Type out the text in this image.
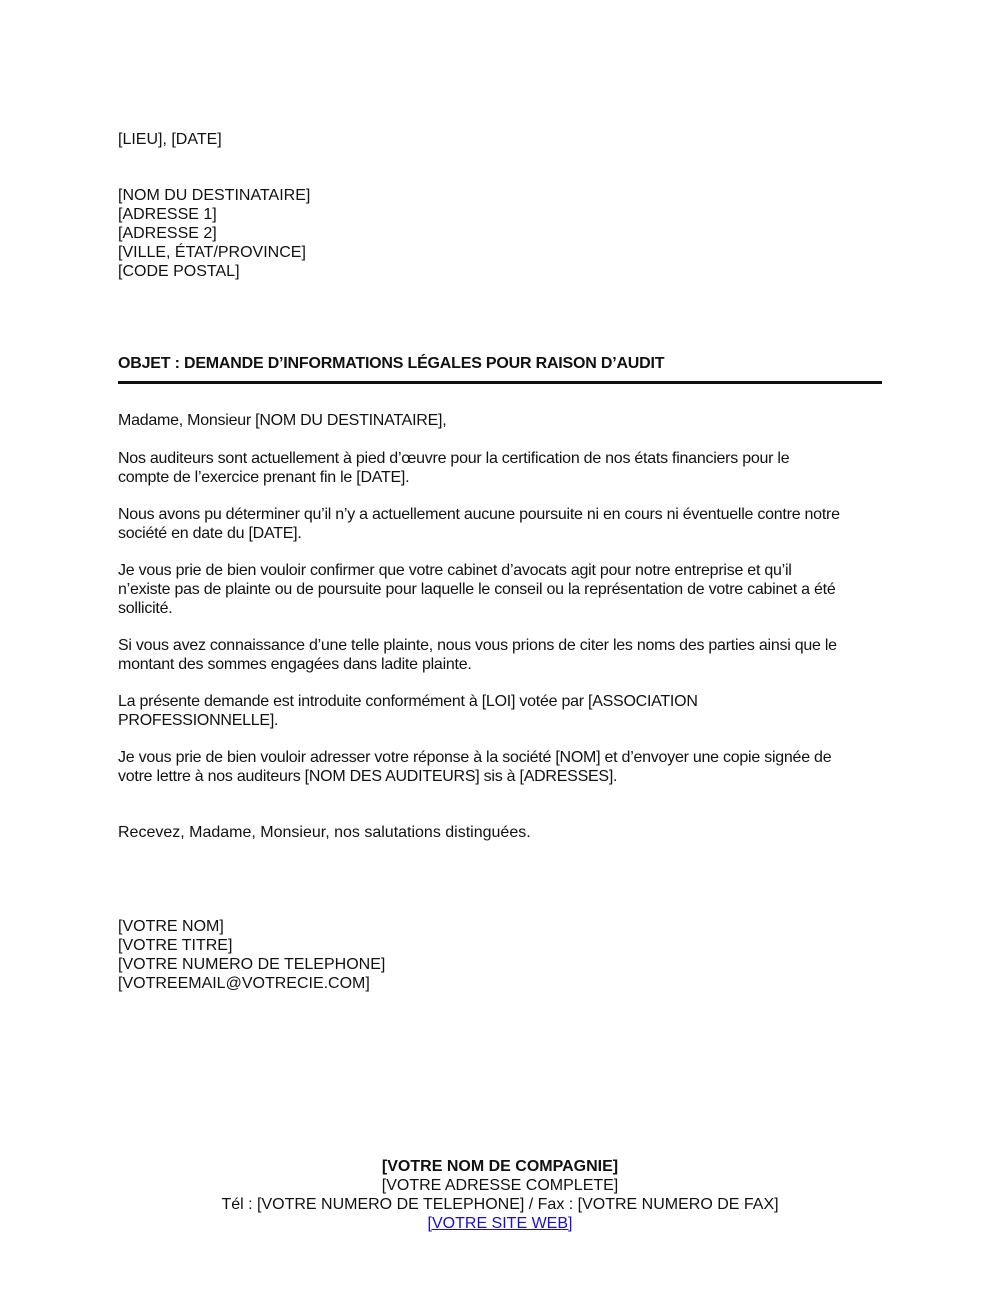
[LIEU], [DATE]
[NOM DU DESTINATAIRE]
[ADRESSE 1]
[ADRESSE 2]
[VILLE, ÉTAT/PROVINCE]
[CODE POSTAL]
OBJET : DEMANDE D’INFORMATIONS LÉGALES POUR RAISON D’AUDIT
Madame, Monsieur [NOM DU DESTINATAIRE],
Nos auditeurs sont actuellement à pied d’œuvre pour la certification de nos états financiers pour le
compte de l’exercice prenant fin le [DATE].
Nous avons pu déterminer qu’il n’y a actuellement aucune poursuite ni en cours ni éventuelle contre notre
société en date du [DATE].
Je vous prie de bien vouloir confirmer que votre cabinet d’avocats agit pour notre entreprise et qu’il
n’existe pas de plainte ou de poursuite pour laquelle le conseil ou la représentation de votre cabinet a été
sollicité.
Si vous avez connaissance d’une telle plainte, nous vous prions de citer les noms des parties ainsi que le
montant des sommes engagées dans ladite plainte.
La présente demande est introduite conformément à [LOI] votée par [ASSOCIATION
PROFESSIONNELLE].
Je vous prie de bien vouloir adresser votre réponse à la société [NOM] et d’envoyer une copie signée de
votre lettre à nos auditeurs [NOM DES AUDITEURS] sis à [ADRESSES].
Recevez, Madame, Monsieur, nos salutations distinguées.
[VOTRE NOM]
[VOTRE TITRE]
[VOTRE NUMERO DE TELEPHONE]
[VOTREEMAIL@VOTRECIE.COM]
[VOTRE NOM DE COMPAGNIE]
[VOTRE ADRESSE COMPLETE]
Tél : [VOTRE NUMERO DE TELEPHONE] / Fax : [VOTRE NUMERO DE FAX]
[VOTRE SITE WEB]
